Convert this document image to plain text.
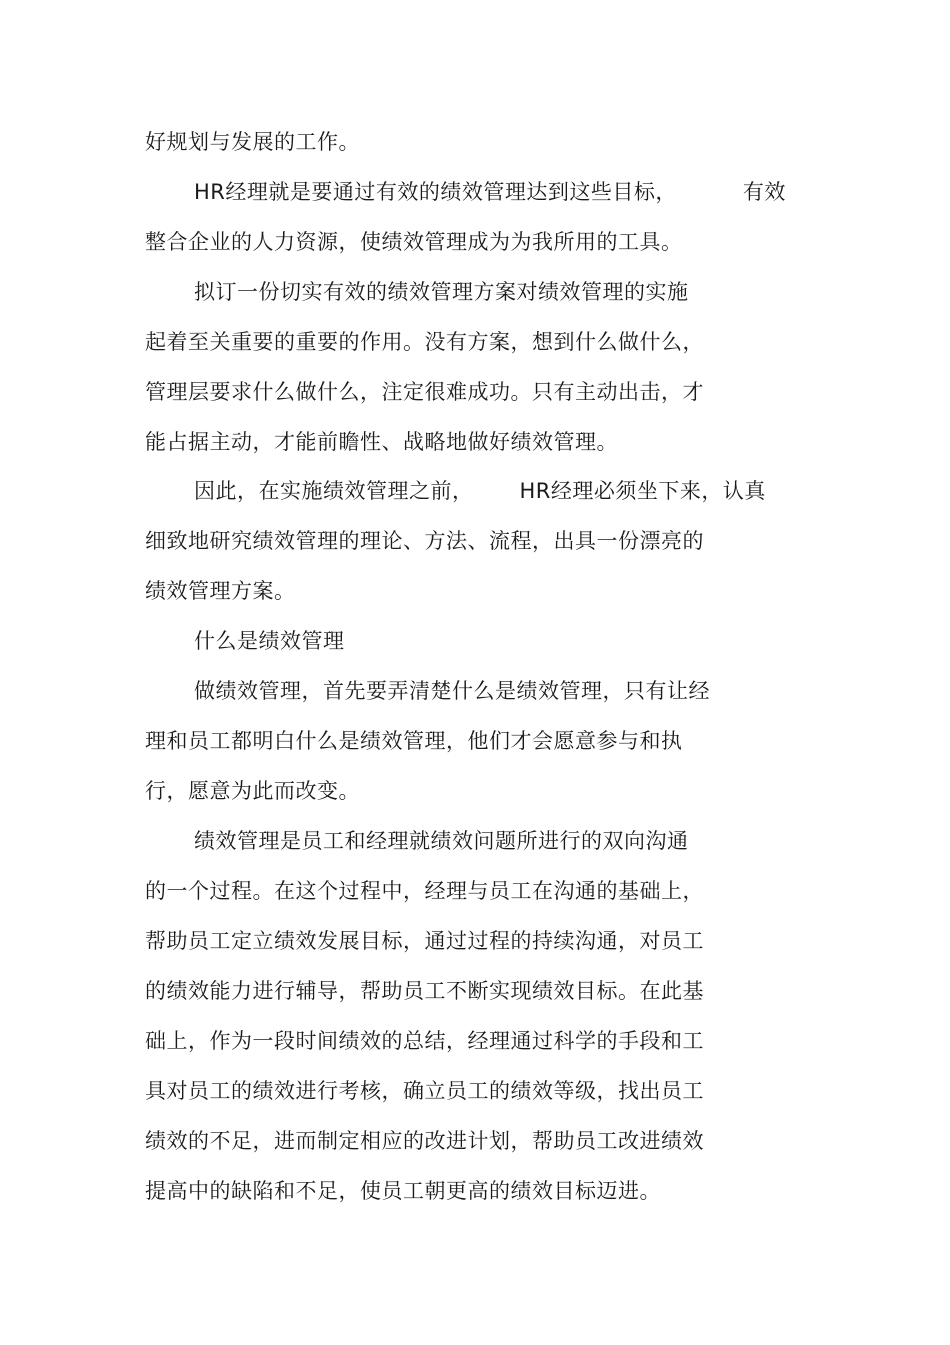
好规划与发展的工作。
HR经理就是要通过有效的绩效管理达到这些目标，	有效
整合企业的人力资源，使绩效管理成为为我所用的工具。
拟订一份切实有效的绩效管理方案对绩效管理的实施
起着至关重要的重要的作用。没有方案，想到什么做什么，
管理层要求什么做什么，注定很难成功。只有主动出击，才
能占据主动，才能前瞻性、战略地做好绩效管理。
因此，在实施绩效管理之前， HR经理必须坐下来，认真
细致地研究绩效管理的理论、方法、流程，出具一份漂亮的
绩效管理方案。
什么是绩效管理
做绩效管理，首先要弄清楚什么是绩效管理，只有让经
理和员工都明白什么是绩效管理，他们才会愿意参与和执
行，愿意为此而改变。
绩效管理是员工和经理就绩效问题所进行的双向沟通
的一个过程。在这个过程中，经理与员工在沟通的基础上，
帮助员工定立绩效发展目标，通过过程的持续沟通，对员工
的绩效能力进行辅导，帮助员工不断实现绩效目标。在此基
础上，作为一段时间绩效的总结，经理通过科学的手段和工
具对员工的绩效进行考核，确立员工的绩效等级，找出员工
绩效的不足，进而制定相应的改进计划，帮助员工改进绩效
提高中的缺陷和不足，使员工朝更高的绩效目标迈进。
